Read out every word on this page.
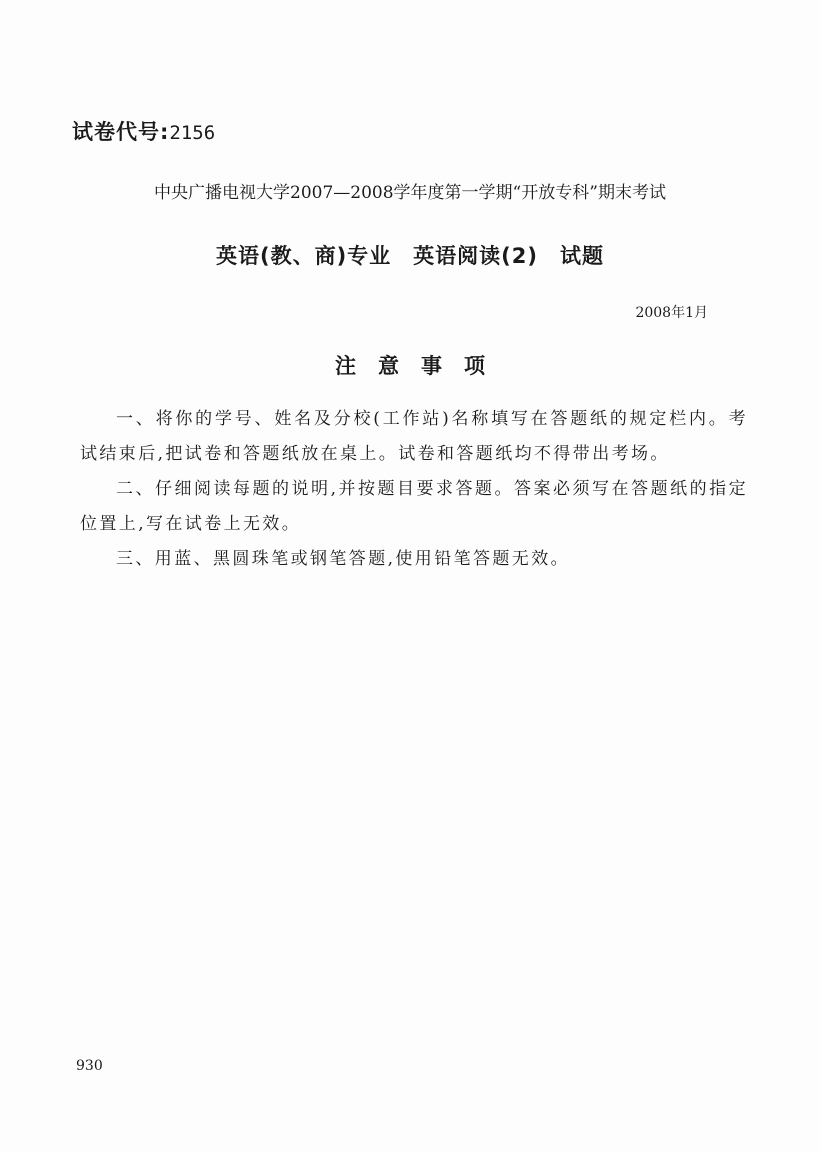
试卷代号:2156
中央广播电视大学2007—2008学年度第一学期“开放专科”期末考试
英语(教、商)专业　英语阅读(2)　试题
2008年1月
注意事项

一、将你的学号、姓名及分校(工作站)名称填写在答题纸的规定栏内。考试结束后,把试卷和答题纸放在桌上。试卷和答题纸均不得带出考场。

二、仔细阅读每题的说明,并按题目要求答题。答案必须写在答题纸的指定位置上,写在试卷上无效。

三、用蓝、黑圆珠笔或钢笔答题,使用铅笔答题无效。

930
